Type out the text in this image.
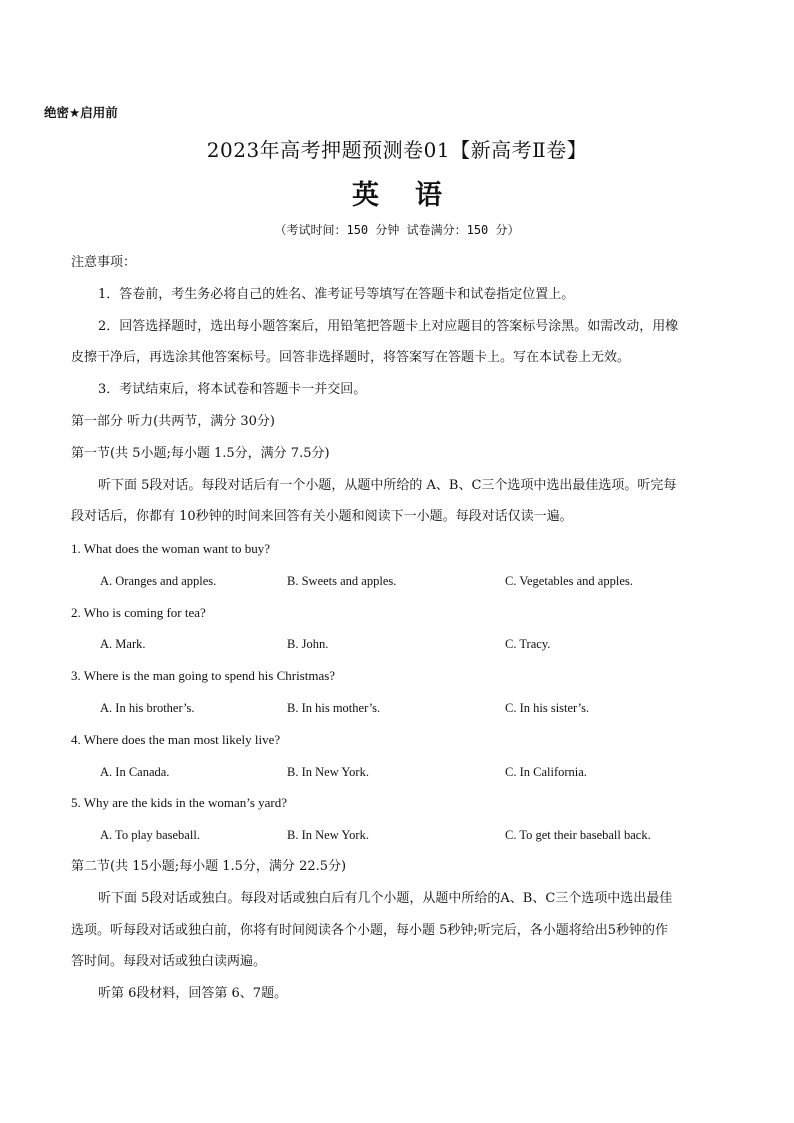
绝密★启用前
2023年高考押题预测卷01【新高考Ⅱ卷】
英 语
（考试时间：150 分钟 试卷满分：150 分）
注意事项：
1．答卷前，考生务必将自己的姓名、准考证号等填写在答题卡和试卷指定位置上。
2．回答选择题时，选出每小题答案后，用铅笔把答题卡上对应题目的答案标号涂黑。如需改动，用橡
皮擦干净后，再选涂其他答案标号。回答非选择题时，将答案写在答题卡上。写在本试卷上无效。
3．考试结束后，将本试卷和答题卡一并交回。
第一部分 听力(共两节，满分 30分)
第一节(共 5小题;每小题 1.5分，满分 7.5分)
听下面 5段对话。每段对话后有一个小题，从题中所给的 A、B、C三个选项中选出最佳选项。听完每
段对话后，你都有 10秒钟的时间来回答有关小题和阅读下一小题。每段对话仅读一遍。
1. What does the woman want to buy?
A. Oranges and apples.	B. Sweets and apples.	C. Vegetables and apples.
2. Who is coming for tea?
A. Mark.	B. John.	C. Tracy.
3. Where is the man going to spend his Christmas?
A. In his brother’s.	B. In his mother’s.	C. In his sister’s.
4. Where does the man most likely live?
A. In Canada.	B. In New York.	C. In California.
5. Why are the kids in the woman’s yard?
A. To play baseball.	B. In New York.	C. To get their baseball back.
第二节(共 15小题;每小题 1.5分，满分 22.5分)
听下面 5段对话或独白。每段对话或独白后有几个小题，从题中所给的A、B、C三个选项中选出最佳
选项。听每段对话或独白前，你将有时间阅读各个小题，每小题 5秒钟;听完后，各小题将给出5秒钟的作
答时间。每段对话或独白读两遍。
听第 6段材料，回答第 6、7题。
